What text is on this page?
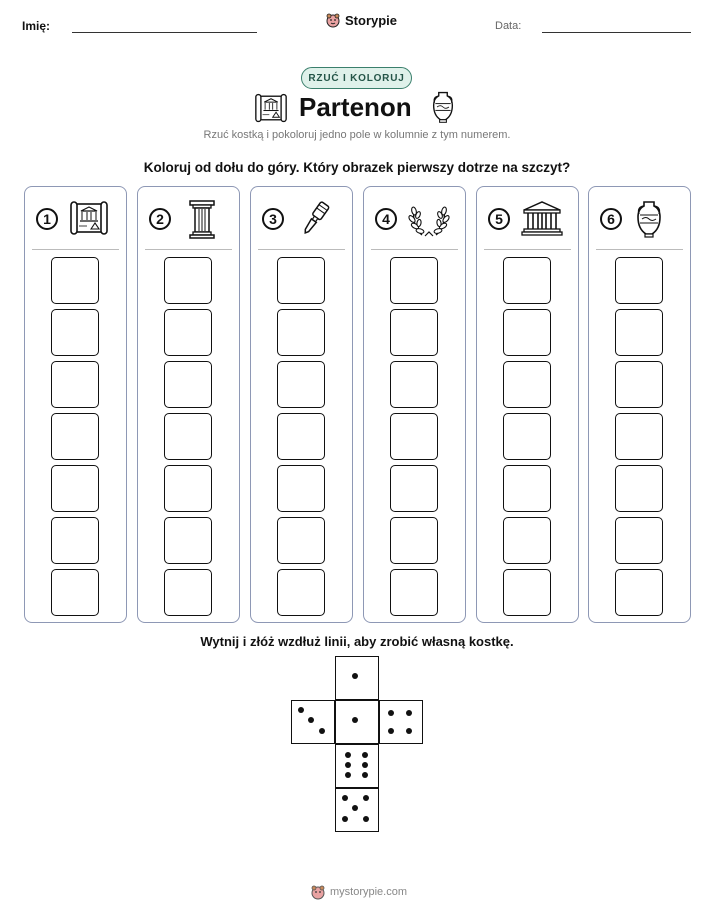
Imię:	Storypie	Data:
RZUĆ I KOLORUJ
Partenon
Rzuć kostką i pokoloruj jedno pole w kolumnie z tym numerem.
Koloruj od dołu do góry. Który obrazek pierwszy dotrze na szczyt?
1	2	3	4	5	6
Wytnij i złóż wzdłuż linii, aby zrobić własną kostkę.
mystorypie.com
